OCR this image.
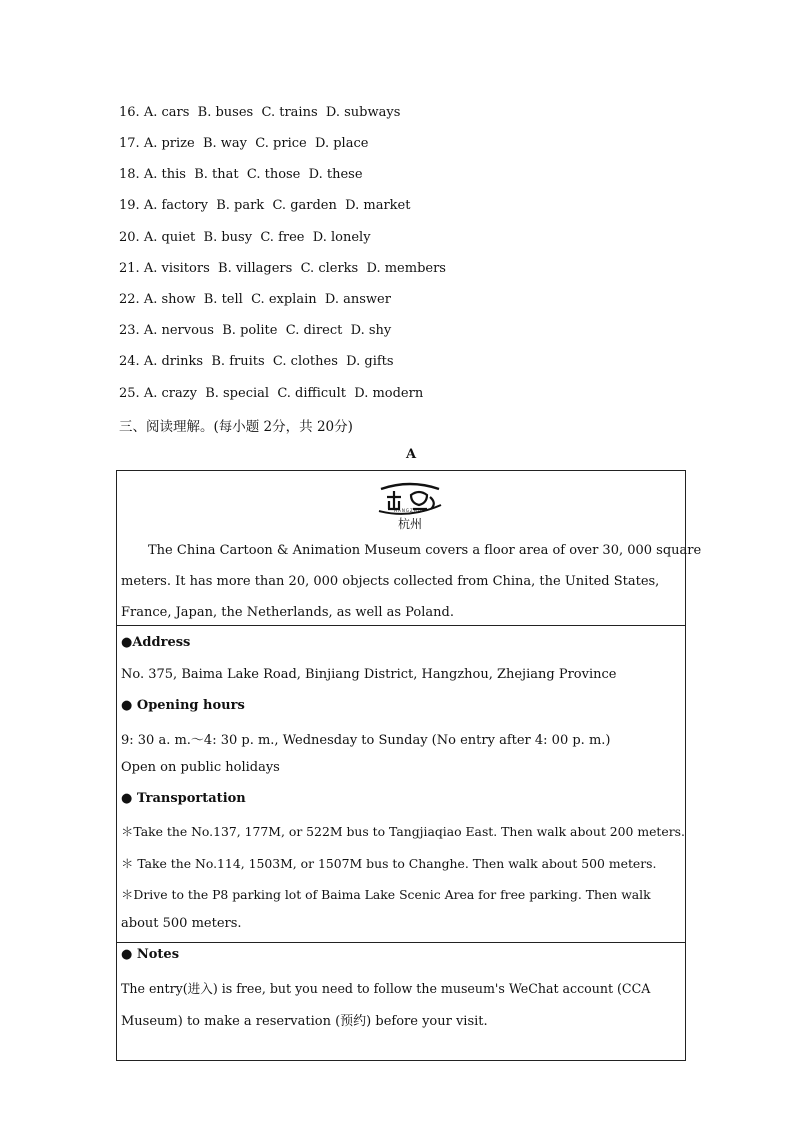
16. A. cars B. buses C. trains D. subways
17. A. prize B. way C. price D. place
18. A. this B. that C. those D. these
19. A. factory B. park C. garden D. market
20. A. quiet B. busy C. free D. lonely
21. A. visitors B. villagers C. clerks D. members
22. A. show B. tell C. explain D. answer
23. A. nervous B. polite C. direct D. shy
24. A. drinks B. fruits C. clothes D. gifts
25. A. crazy B. special C. difficult D. modern
三、阅读理解。(每小题 2分，共 20分)
A
HANGZHOU
杭州
The China Cartoon & Animation Museum covers a floor area of over 30, 000 square
meters. It has more than 20, 000 objects collected from China, the United States,
France, Japan, the Netherlands, as well as Poland.
●Address
No. 375, Baima Lake Road, Binjiang District, Hangzhou, Zhejiang Province
● Opening hours
9: 30 a. m.～4: 30 p. m., Wednesday to Sunday (No entry after 4: 00 p. m.)
Open on public holidays
● Transportation
＊Take the No.137, 177M, or 522M bus to Tangjiaqiao East. Then walk about 200 meters.
＊ Take the No.114, 1503M, or 1507M bus to Changhe. Then walk about 500 meters.
＊Drive to the P8 parking lot of Baima Lake Scenic Area for free parking. Then walk
about 500 meters.
● Notes
The entry(进入) is free, but you need to follow the museum's WeChat account (CCA
Museum) to make a reservation (预约) before your visit.
